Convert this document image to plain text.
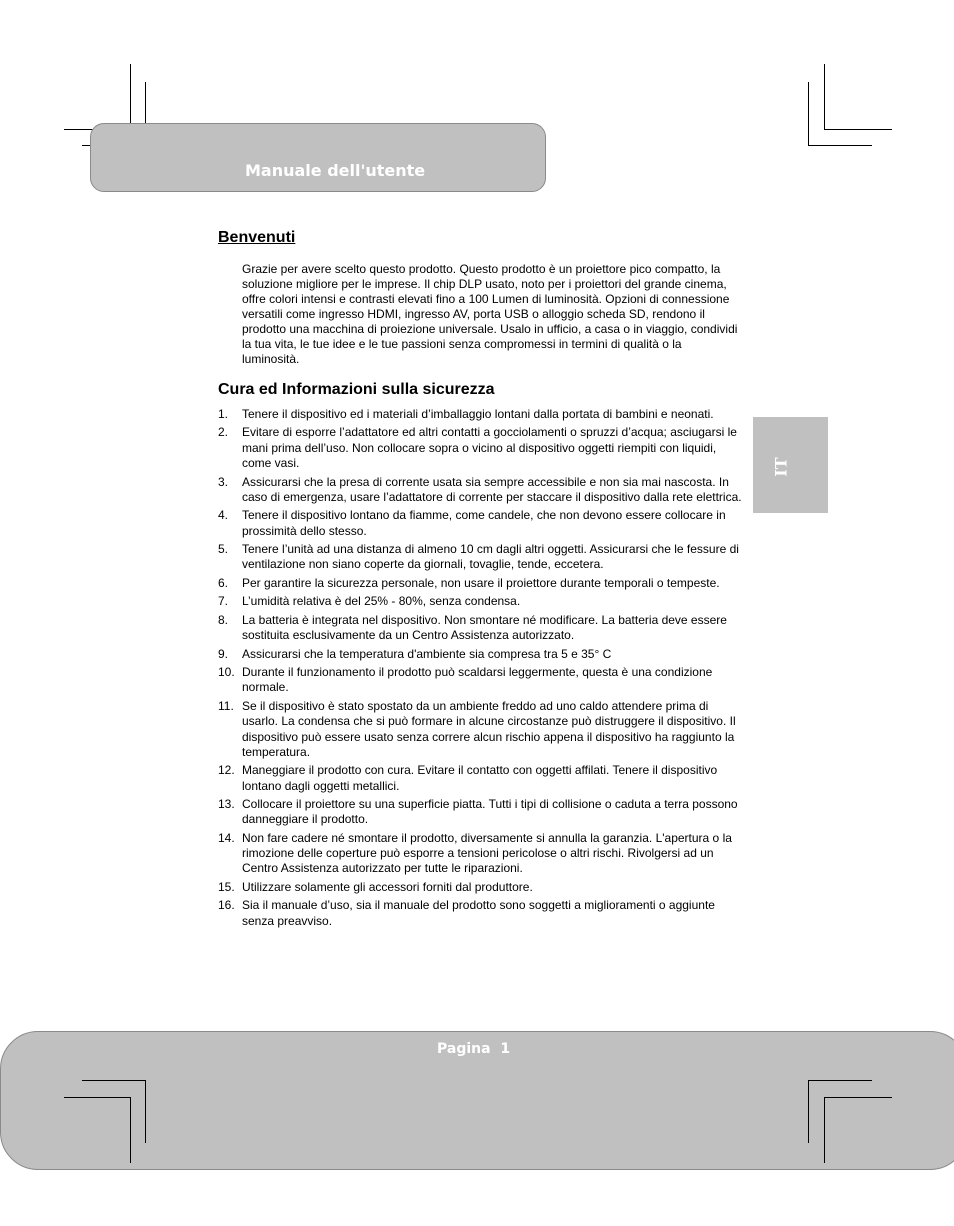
Manuale dell'utente
IT
Benvenuti

Grazie per avere scelto questo prodotto. Questo prodotto è un proiettore pico compatto, la soluzione migliore per le imprese. Il chip DLP usato, noto per i proiettori del grande cinema, offre colori intensi e contrasti elevati fino a 100 Lumen di luminosità. Opzioni di connessione versatili come ingresso HDMI, ingresso AV, porta USB o alloggio scheda SD, rendono il prodotto una macchina di proiezione universale. Usalo in ufficio, a casa o in viaggio, condividi la tua vita, le tue idee e le tue passioni senza compromessi in termini di qualità o la luminosità.

Cura ed Informazioni sulla sicurezza
1. Tenere il dispositivo ed i materiali d’imballaggio lontani dalla portata di bambini e neonati.
2. Evitare di esporre l’adattatore ed altri contatti a gocciolamenti o spruzzi d’acqua; asciugarsi le mani prima dell’uso. Non collocare sopra o vicino al dispositivo oggetti riempiti con liquidi, come vasi.
3. Assicurarsi che la presa di corrente usata sia sempre accessibile e non sia mai nascosta. In caso di emergenza, usare l’adattatore di corrente per staccare il dispositivo dalla rete elettrica.
4. Tenere il dispositivo lontano da fiamme, come candele, che non devono essere collocare in prossimità dello stesso.
5. Tenere l’unità ad una distanza di almeno 10 cm dagli altri oggetti. Assicurarsi che le fessure di ventilazione non siano coperte da giornali, tovaglie, tende, eccetera.
6. Per garantire la sicurezza personale, non usare il proiettore durante temporali o tempeste.
7. L’umidità relativa è del 25% - 80%, senza condensa.
8. La batteria è integrata nel dispositivo. Non smontare né modificare. La batteria deve essere sostituita esclusivamente da un Centro Assistenza autorizzato.
9. Assicurarsi che la temperatura d'ambiente sia compresa tra 5 e 35° C
10. Durante il funzionamento il prodotto può scaldarsi leggermente, questa è una condizione normale.
11. Se il dispositivo è stato spostato da un ambiente freddo ad uno caldo attendere prima di usarlo. La condensa che si può formare in alcune circostanze può distruggere il dispositivo. Il dispositivo può essere usato senza correre alcun rischio appena il dispositivo ha raggiunto la temperatura.
12. Maneggiare il prodotto con cura. Evitare il contatto con oggetti affilati. Tenere il dispositivo lontano dagli oggetti metallici.
13. Collocare il proiettore su una superficie piatta. Tutti i tipi di collisione o caduta a terra possono danneggiare il prodotto.
14. Non fare cadere né smontare il prodotto, diversamente si annulla la garanzia. L'apertura o la rimozione delle coperture può esporre a tensioni pericolose o altri rischi. Rivolgersi ad un Centro Assistenza autorizzato per tutte le riparazioni.
15. Utilizzare solamente gli accessori forniti dal produttore.
16. Sia il manuale d’uso, sia il manuale del prodotto sono soggetti a miglioramenti o aggiunte senza preavviso.
Pagina  1
